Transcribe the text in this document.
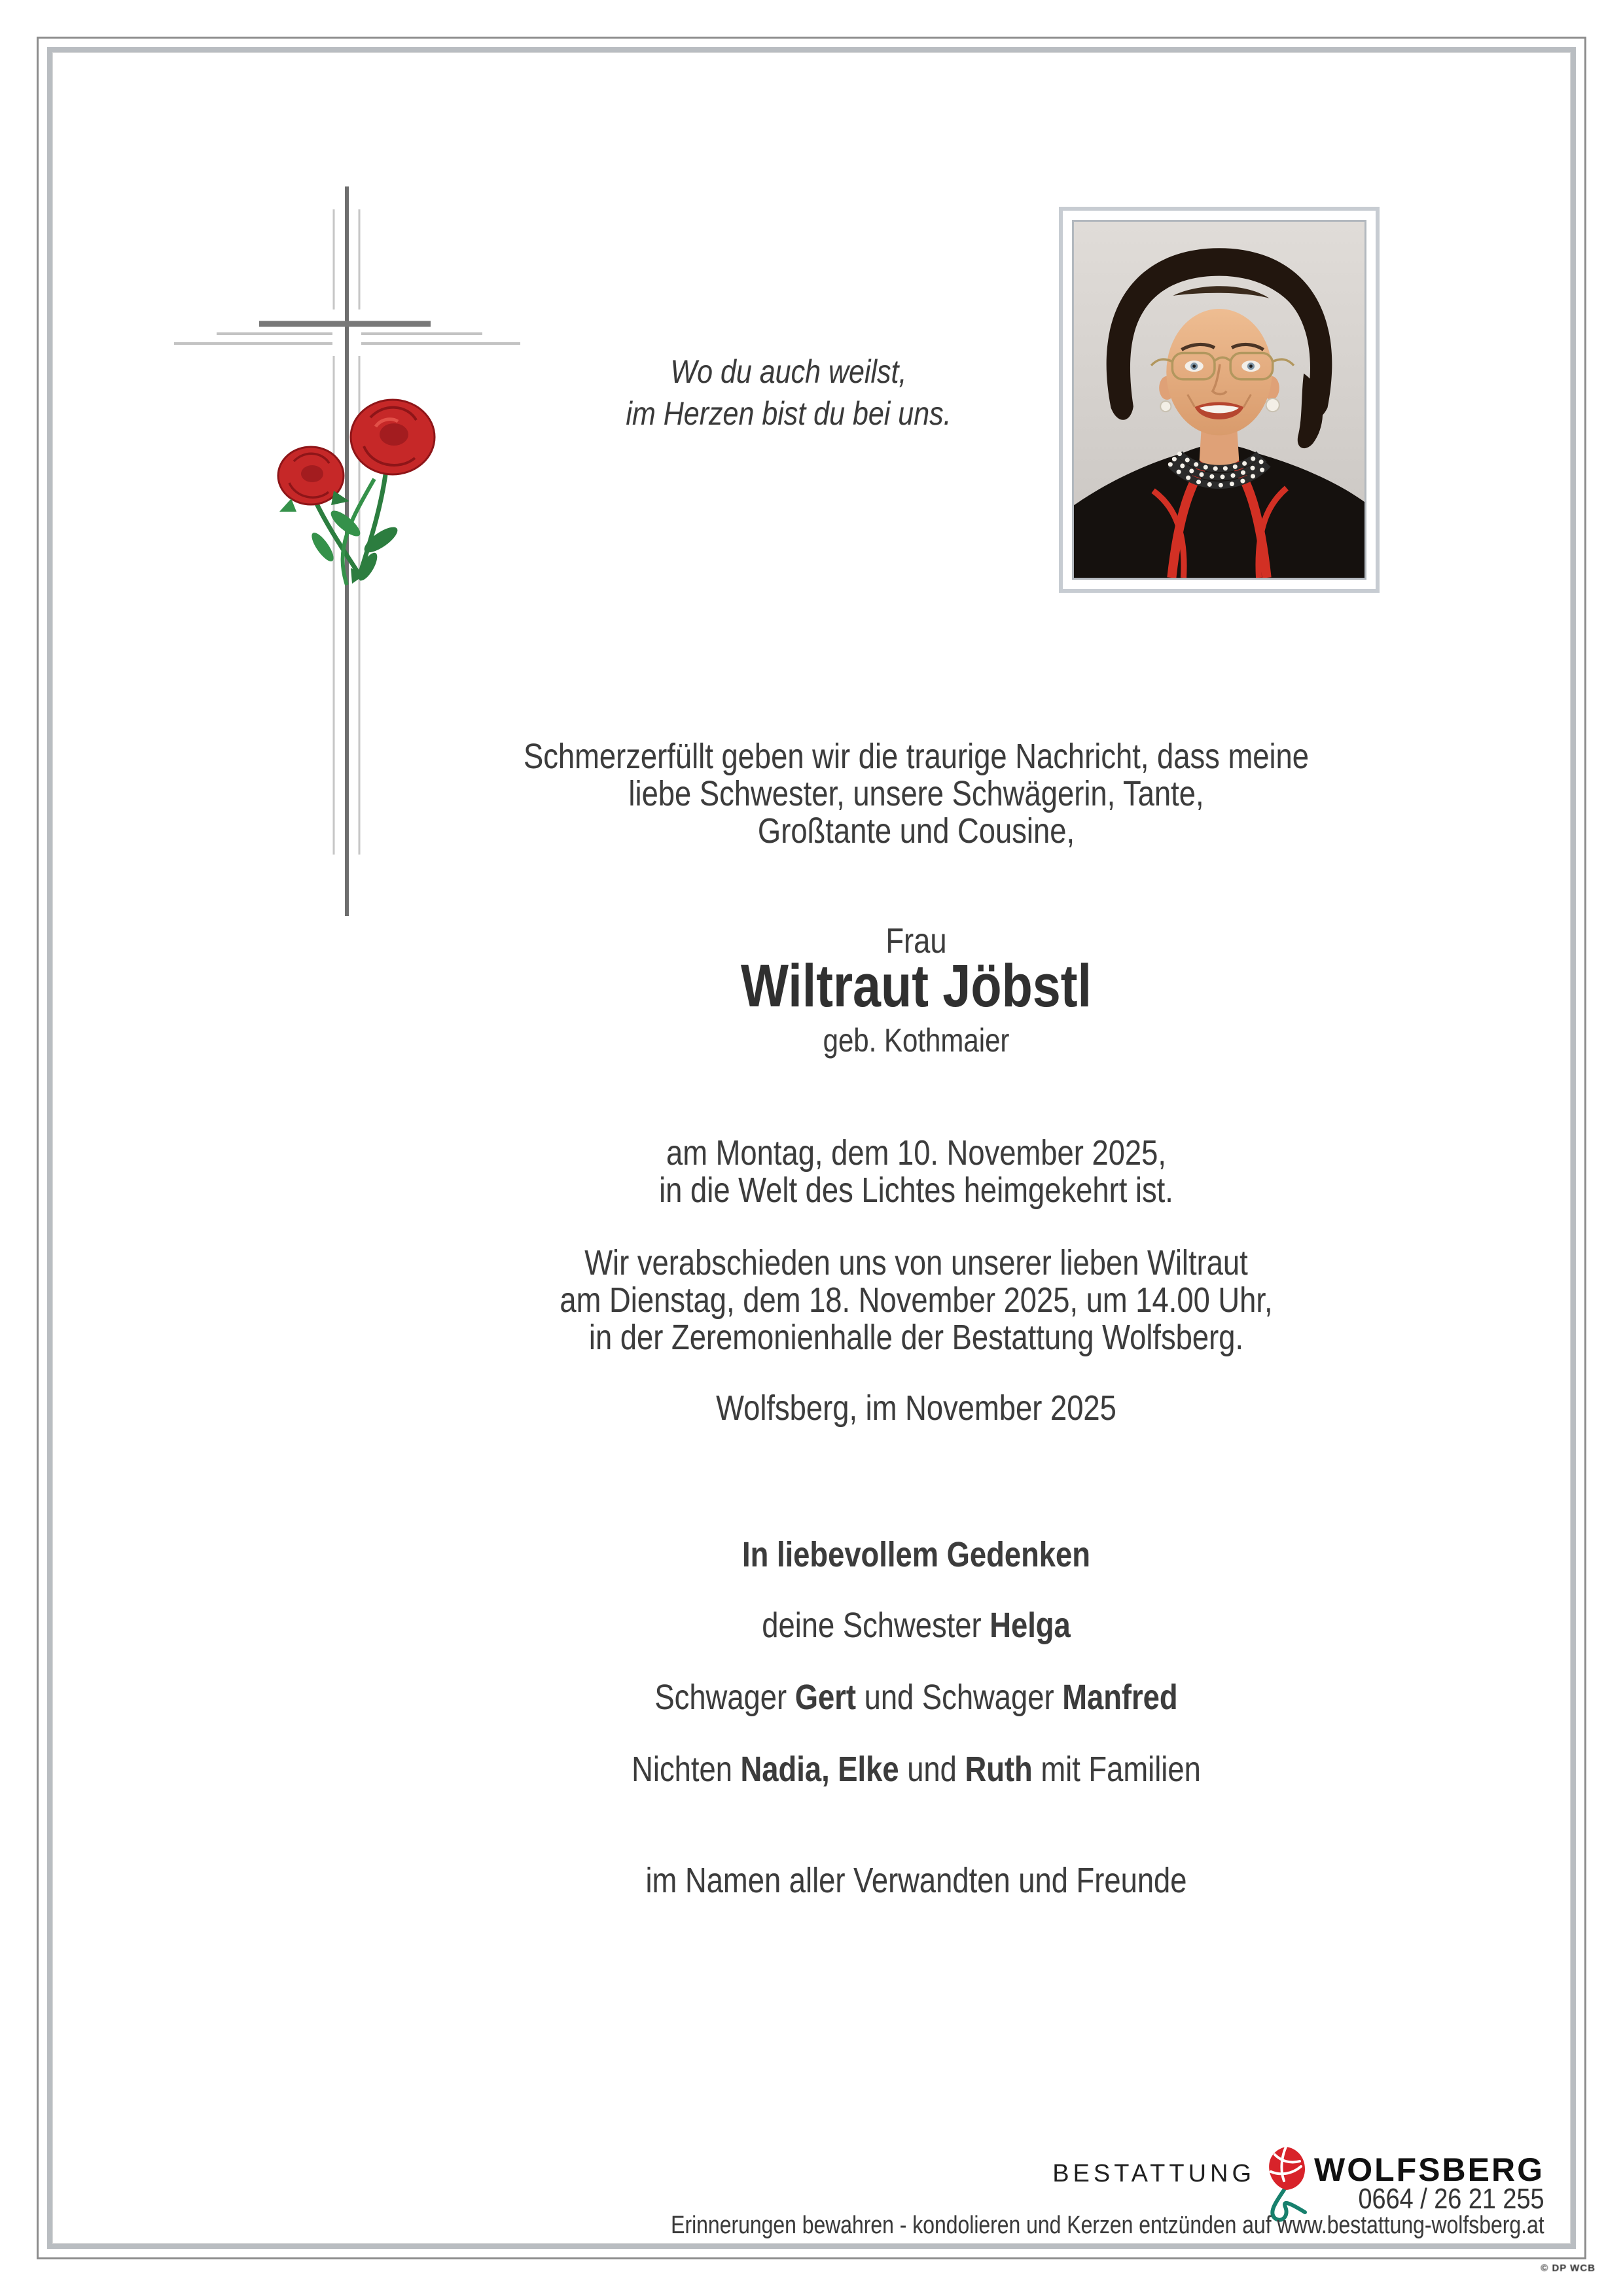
Wo du auch weilst,
im Herzen bist du bei uns.
Schmerzerfüllt geben wir die traurige Nachricht, dass meine
liebe Schwester, unsere Schwägerin, Tante,
Großtante und Cousine,
Frau
Wiltraut Jöbstl
geb. Kothmaier
am Montag, dem 10. November 2025,
in die Welt des Lichtes heimgekehrt ist.
Wir verabschieden uns von unserer lieben Wiltraut
am Dienstag, dem 18. November 2025, um 14.00 Uhr,
in der Zeremonienhalle der Bestattung Wolfsberg.
Wolfsberg, im November 2025
In liebevollem Gedenken
deine Schwester Helga
Schwager Gert und Schwager Manfred
Nichten Nadia, Elke und Ruth mit Familien
im Namen aller Verwandten und Freunde
BESTATTUNG WOLFSBERG
0664 / 26 21 255
Erinnerungen bewahren - kondolieren und Kerzen entzünden auf www.bestattung-wolfsberg.at
© DP WCB
